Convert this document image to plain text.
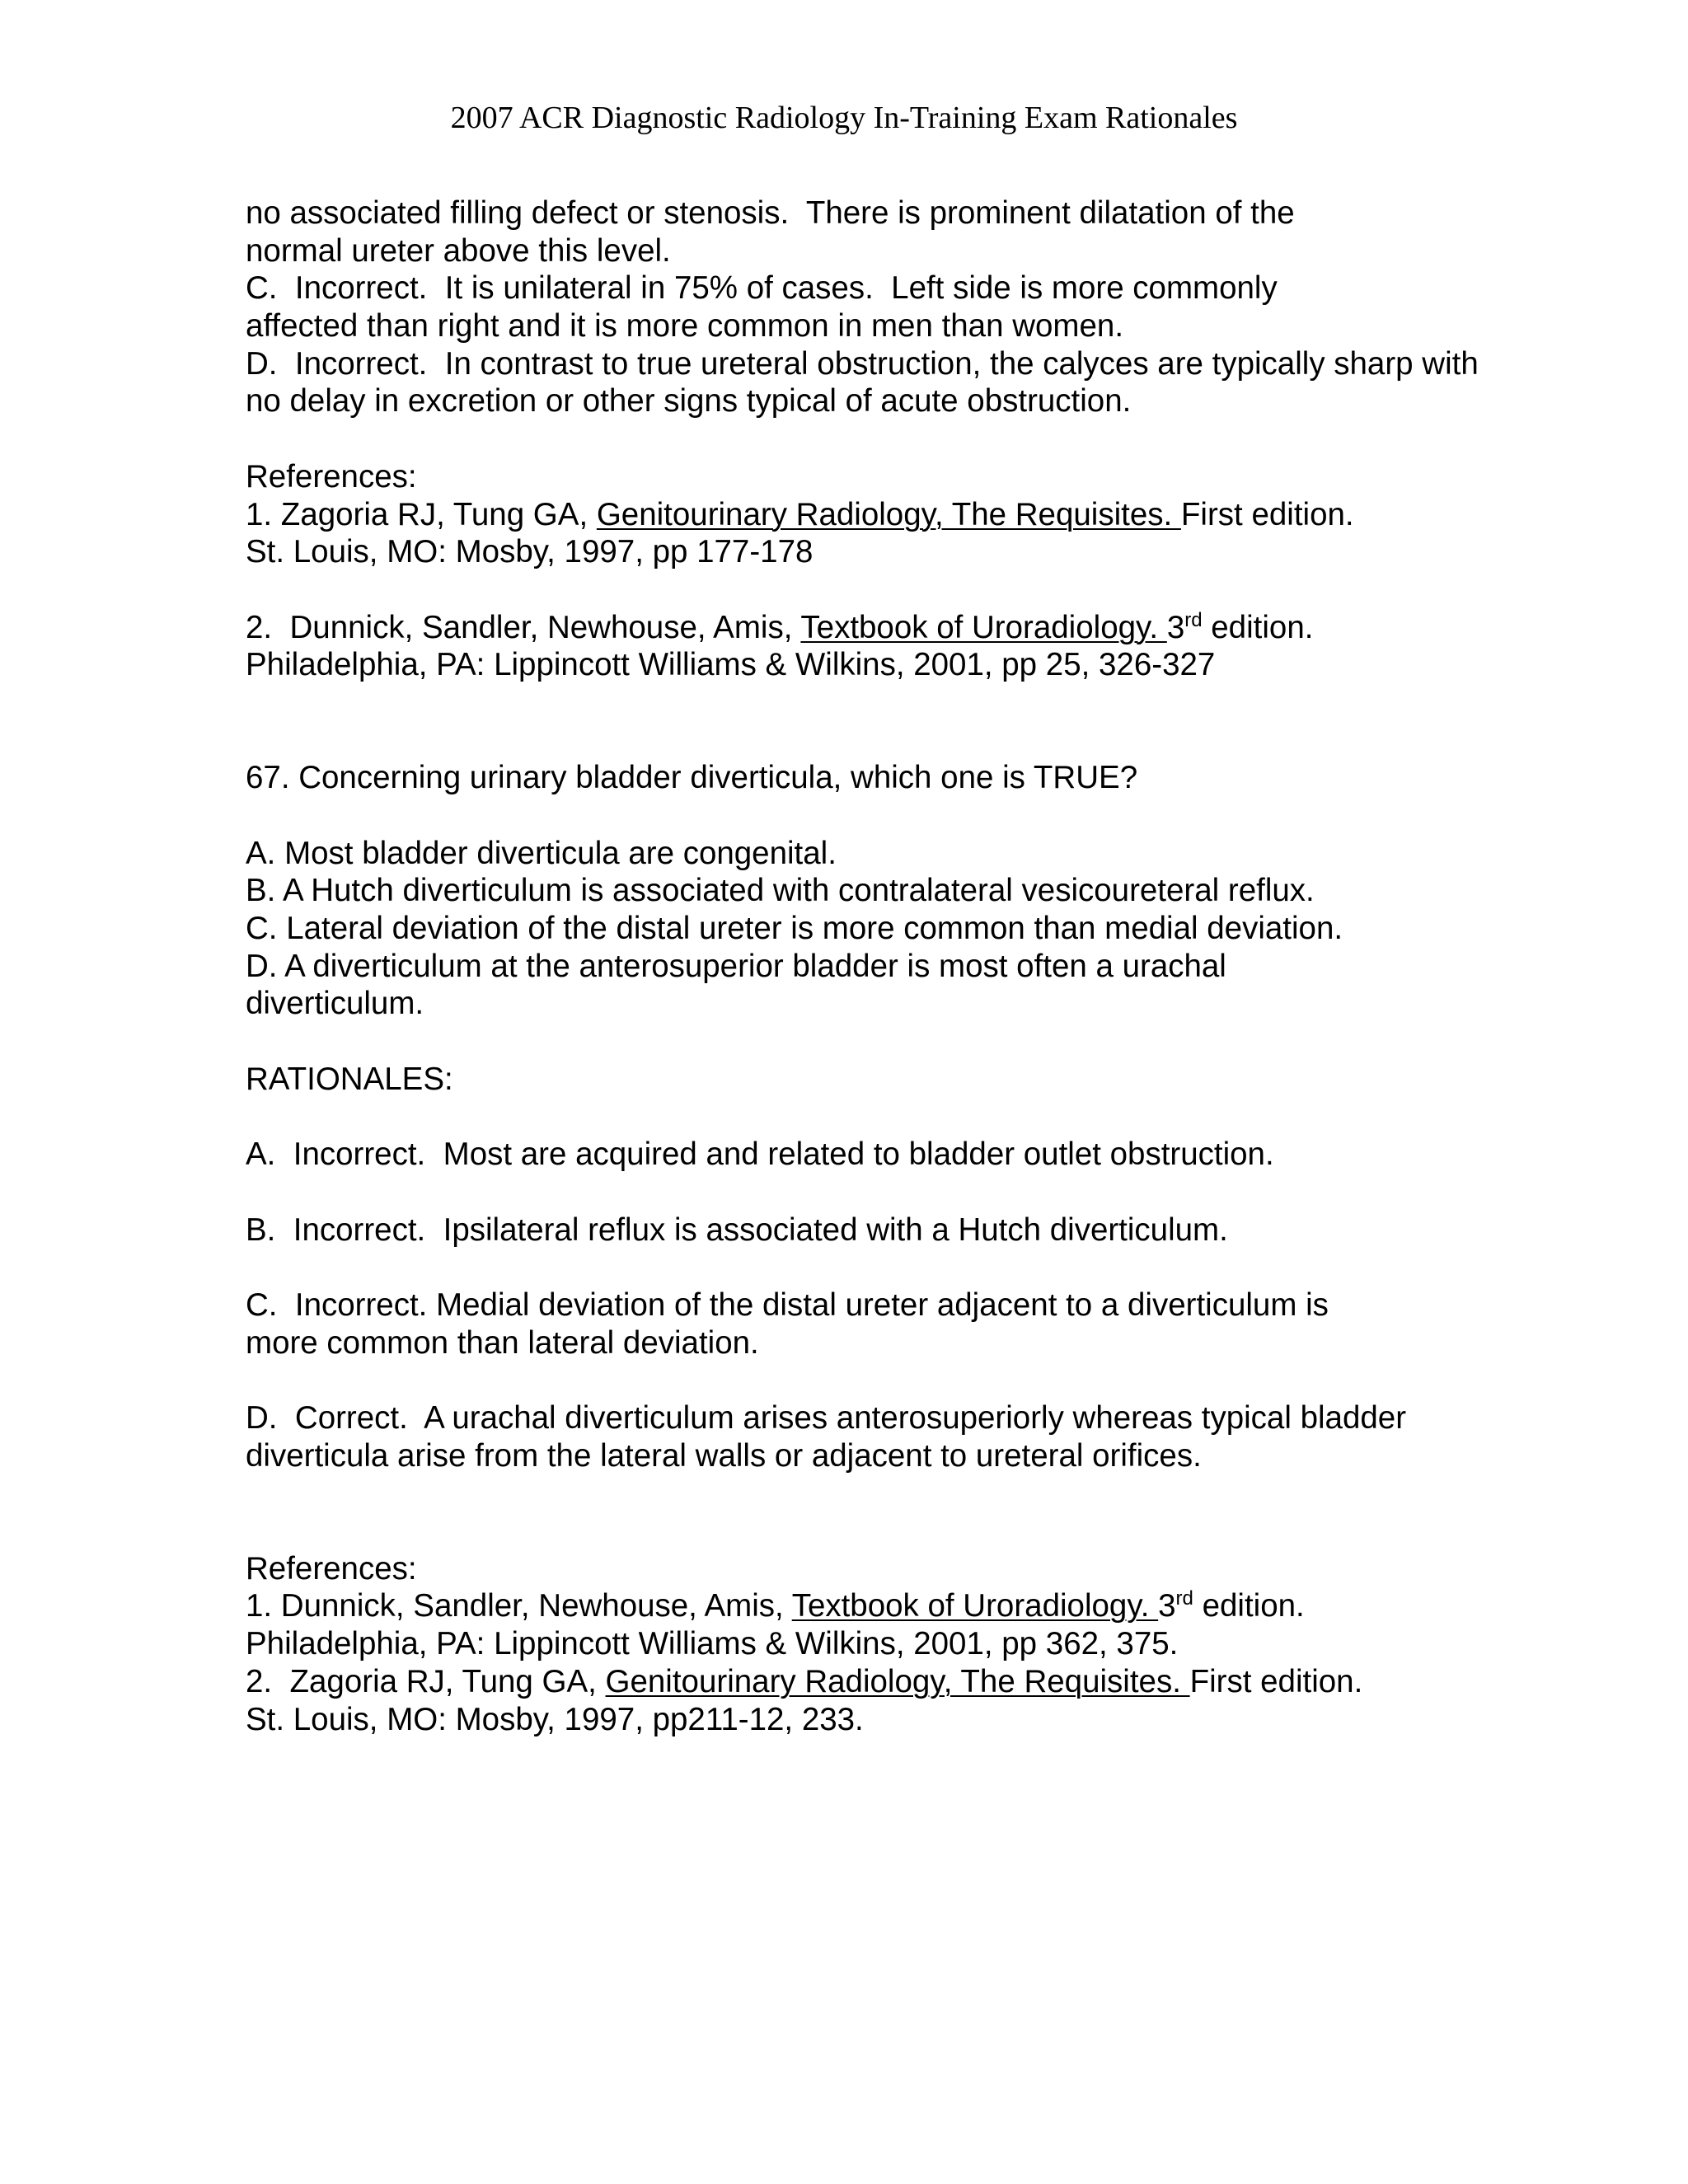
2007 ACR Diagnostic Radiology In-Training Exam Rationales
no associated filling defect or stenosis.  There is prominent dilatation of the
normal ureter above this level.
C.  Incorrect.  It is unilateral in 75% of cases.  Left side is more commonly
affected than right and it is more common in men than women.
D.  Incorrect.  In contrast to true ureteral obstruction, the calyces are typically sharp with
no delay in excretion or other signs typical of acute obstruction.
References:
1. Zagoria RJ, Tung GA, Genitourinary Radiology, The Requisites. First edition.
St. Louis, MO: Mosby, 1997, pp 177-178
2.  Dunnick, Sandler, Newhouse, Amis, Textbook of Uroradiology. 3rd edition.
Philadelphia, PA: Lippincott Williams & Wilkins, 2001, pp 25, 326-327
67. Concerning urinary bladder diverticula, which one is TRUE?
A. Most bladder diverticula are congenital.
B. A Hutch diverticulum is associated with contralateral vesicoureteral reflux.
C. Lateral deviation of the distal ureter is more common than medial deviation.
D. A diverticulum at the anterosuperior bladder is most often a urachal
diverticulum.
RATIONALES:
A.  Incorrect.  Most are acquired and related to bladder outlet obstruction.
B.  Incorrect.  Ipsilateral reflux is associated with a Hutch diverticulum.
C.  Incorrect. Medial deviation of the distal ureter adjacent to a diverticulum is
more common than lateral deviation.
D.  Correct.  A urachal diverticulum arises anterosuperiorly whereas typical bladder
diverticula arise from the lateral walls or adjacent to ureteral orifices.
References:
1. Dunnick, Sandler, Newhouse, Amis, Textbook of Uroradiology. 3rd edition.
Philadelphia, PA: Lippincott Williams & Wilkins, 2001, pp 362, 375.
2.  Zagoria RJ, Tung GA, Genitourinary Radiology, The Requisites. First edition.
St. Louis, MO: Mosby, 1997, pp211-12, 233.
